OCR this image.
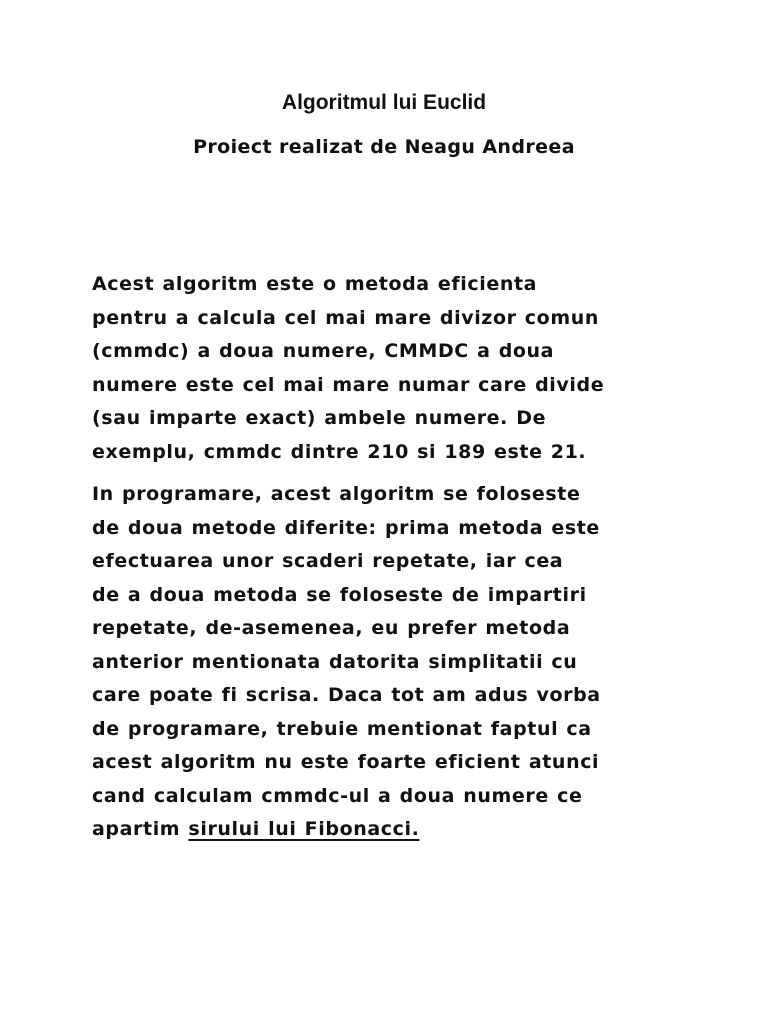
Algoritmul lui Euclid
Proiect realizat de Neagu Andreea

Acest algoritm este o metoda eficienta
pentru a calcula cel mai mare divizor comun
(cmmdc) a doua numere, CMMDC a doua
numere este cel mai mare numar care divide
(sau imparte exact) ambele numere. De
exemplu, cmmdc dintre 210 si 189 este 21.

In programare, acest algoritm se foloseste
de doua metode diferite: prima metoda este
efectuarea unor scaderi repetate, iar cea
de a doua metoda se foloseste de impartiri
repetate, de-asemenea, eu prefer metoda
anterior mentionata datorita simplitatii cu
care poate fi scrisa. Daca tot am adus vorba
de programare, trebuie mentionat faptul ca
acest algoritm nu este foarte eficient atunci
cand calculam cmmdc-ul a doua numere ce
apartim sirului lui Fibonacci.
